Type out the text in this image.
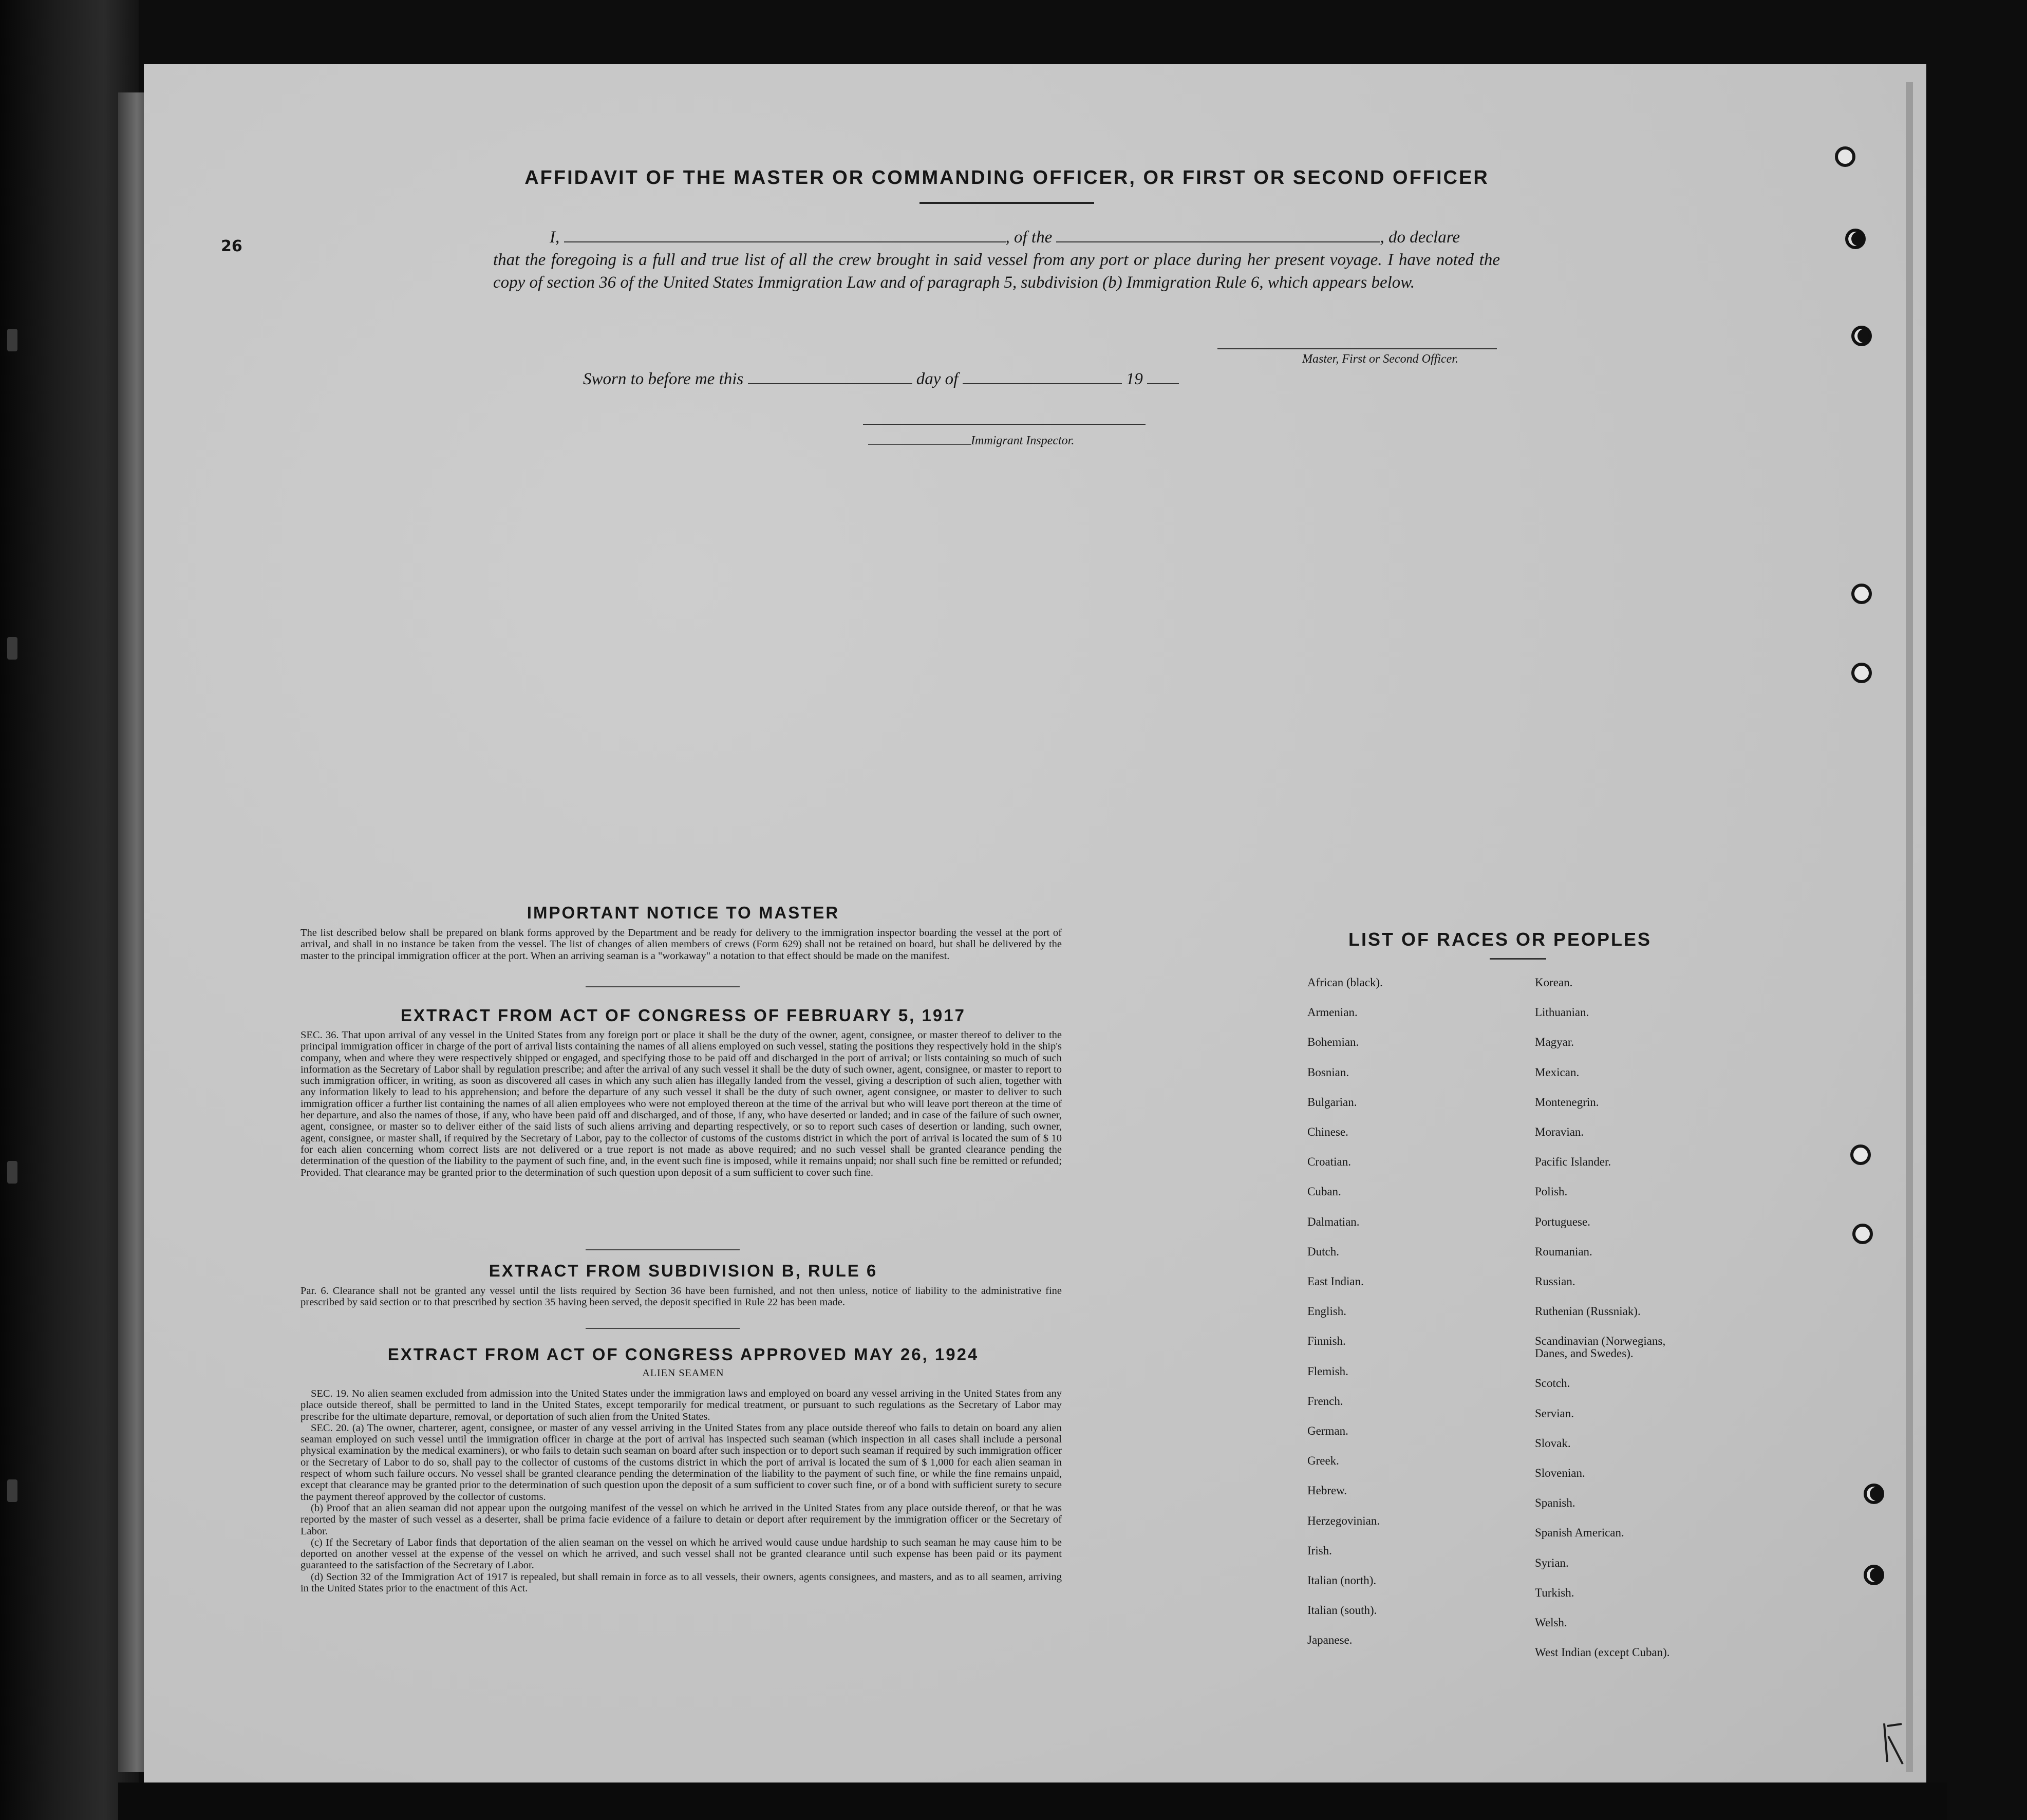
26
AFFIDAVIT OF THE MASTER OR COMMANDING OFFICER, OR FIRST OR SECOND OFFICER
I,	, of the	, do declare
that the foregoing is a full and true list of all the crew brought in said vessel from any port or place during her present voyage. I have noted the copy of section 36 of the United States Immigration Law and of paragraph 5, subdivision (b) Immigration Rule 6, which appears below.
Master, First or Second Officer.
Sworn to before me this	day of	19
Immigrant Inspector.
IMPORTANT NOTICE TO MASTER
The list described below shall be prepared on blank forms approved by the Department and be ready for delivery to the immigration inspector boarding the vessel at the port of arrival, and shall in no instance be taken from the vessel. The list of changes of alien members of crews (Form 629) shall not be retained on board, but shall be delivered by the master to the principal immigration officer at the port. When an arriving seaman is a "workaway" a notation to that effect should be made on the manifest.
EXTRACT FROM ACT OF CONGRESS OF FEBRUARY 5, 1917
SEC. 36. That upon arrival of any vessel in the United States from any foreign port or place it shall be the duty of the owner, agent, consignee, or master thereof to deliver to the principal immigration officer in charge of the port of arrival lists containing the names of all aliens employed on such vessel, stating the positions they respectively hold in the ship's company, when and where they were respectively shipped or engaged, and specifying those to be paid off and discharged in the port of arrival; or lists containing so much of such information as the Secretary of Labor shall by regulation prescribe; and after the arrival of any such vessel it shall be the duty of such owner, agent, consignee, or master to report to such immigration officer, in writing, as soon as discovered all cases in which any such alien has illegally landed from the vessel, giving a description of such alien, together with any information likely to lead to his apprehension; and before the departure of any such vessel it shall be the duty of such owner, agent consignee, or master to deliver to such immigration officer a further list containing the names of all alien employees who were not employed thereon at the time of the arrival but who will leave port thereon at the time of her departure, and also the names of those, if any, who have been paid off and discharged, and of those, if any, who have deserted or landed; and in case of the failure of such owner, agent, consignee, or master so to deliver either of the said lists of such aliens arriving and departing respectively, or so to report such cases of desertion or landing, such owner, agent, consignee, or master shall, if required by the Secretary of Labor, pay to the collector of customs of the customs district in which the port of arrival is located the sum of $ 10 for each alien concerning whom correct lists are not delivered or a true report is not made as above required; and no such vessel shall be granted clearance pending the determination of the question of the liability to the payment of such fine, and, in the event such fine is imposed, while it remains unpaid; nor shall such fine be remitted or refunded; Provided. That clearance may be granted prior to the determination of such question upon deposit of a sum sufficient to cover such fine.
EXTRACT FROM SUBDIVISION B, RULE 6
Par. 6. Clearance shall not be granted any vessel until the lists required by Section 36 have been furnished, and not then unless, notice of liability to the administrative fine prescribed by said section or to that prescribed by section 35 having been served, the deposit specified in Rule 22 has been made.
EXTRACT FROM ACT OF CONGRESS APPROVED MAY 26, 1924
ALIEN SEAMEN
SEC. 19. No alien seamen excluded from admission into the United States under the immigration laws and employed on board any vessel arriving in the United States from any place outside thereof, shall be permitted to land in the United States, except temporarily for medical treatment, or pursuant to such regulations as the Secretary of Labor may prescribe for the ultimate departure, removal, or deportation of such alien from the United States.
SEC. 20. (a) The owner, charterer, agent, consignee, or master of any vessel arriving in the United States from any place outside thereof who fails to detain on board any alien seaman employed on such vessel until the immigration officer in charge at the port of arrival has inspected such seaman (which inspection in all cases shall include a personal physical examination by the medical examiners), or who fails to detain such seaman on board after such inspection or to deport such seaman if required by such immigration officer or the Secretary of Labor to do so, shall pay to the collector of customs of the customs district in which the port of arrival is located the sum of $ 1,000 for each alien seaman in respect of whom such failure occurs. No vessel shall be granted clearance pending the determination of the liability to the payment of such fine, or while the fine remains unpaid, except that clearance may be granted prior to the determination of such question upon the deposit of a sum sufficient to cover such fine, or of a bond with sufficient surety to secure the payment thereof approved by the collector of customs.
(b) Proof that an alien seaman did not appear upon the outgoing manifest of the vessel on which he arrived in the United States from any place outside thereof, or that he was reported by the master of such vessel as a deserter, shall be prima facie evidence of a failure to detain or deport after requirement by the immigration officer or the Secretary of Labor.
(c) If the Secretary of Labor finds that deportation of the alien seaman on the vessel on which he arrived would cause undue hardship to such seaman he may cause him to be deported on another vessel at the expense of the vessel on which he arrived, and such vessel shall not be granted clearance until such expense has been paid or its payment guaranteed to the satisfaction of the Secretary of Labor.
(d) Section 32 of the Immigration Act of 1917 is repealed, but shall remain in force as to all vessels, their owners, agents consignees, and masters, and as to all seamen, arriving in the United States prior to the enactment of this Act.
LIST OF RACES OR PEOPLES
African (black).
Armenian.
Bohemian.
Bosnian.
Bulgarian.
Chinese.
Croatian.
Cuban.
Dalmatian.
Dutch.
East Indian.
English.
Finnish.
Flemish.
French.
German.
Greek.
Hebrew.
Herzegovinian.
Irish.
Italian (north).
Italian (south).
Japanese.
Korean.
Lithuanian.
Magyar.
Mexican.
Montenegrin.
Moravian.
Pacific Islander.
Polish.
Portuguese.
Roumanian.
Russian.
Ruthenian (Russniak).
Scandinavian (Norwegians,
Danes, and Swedes).
Scotch.
Servian.
Slovak.
Slovenian.
Spanish.
Spanish American.
Syrian.
Turkish.
Welsh.
West Indian (except Cuban).
